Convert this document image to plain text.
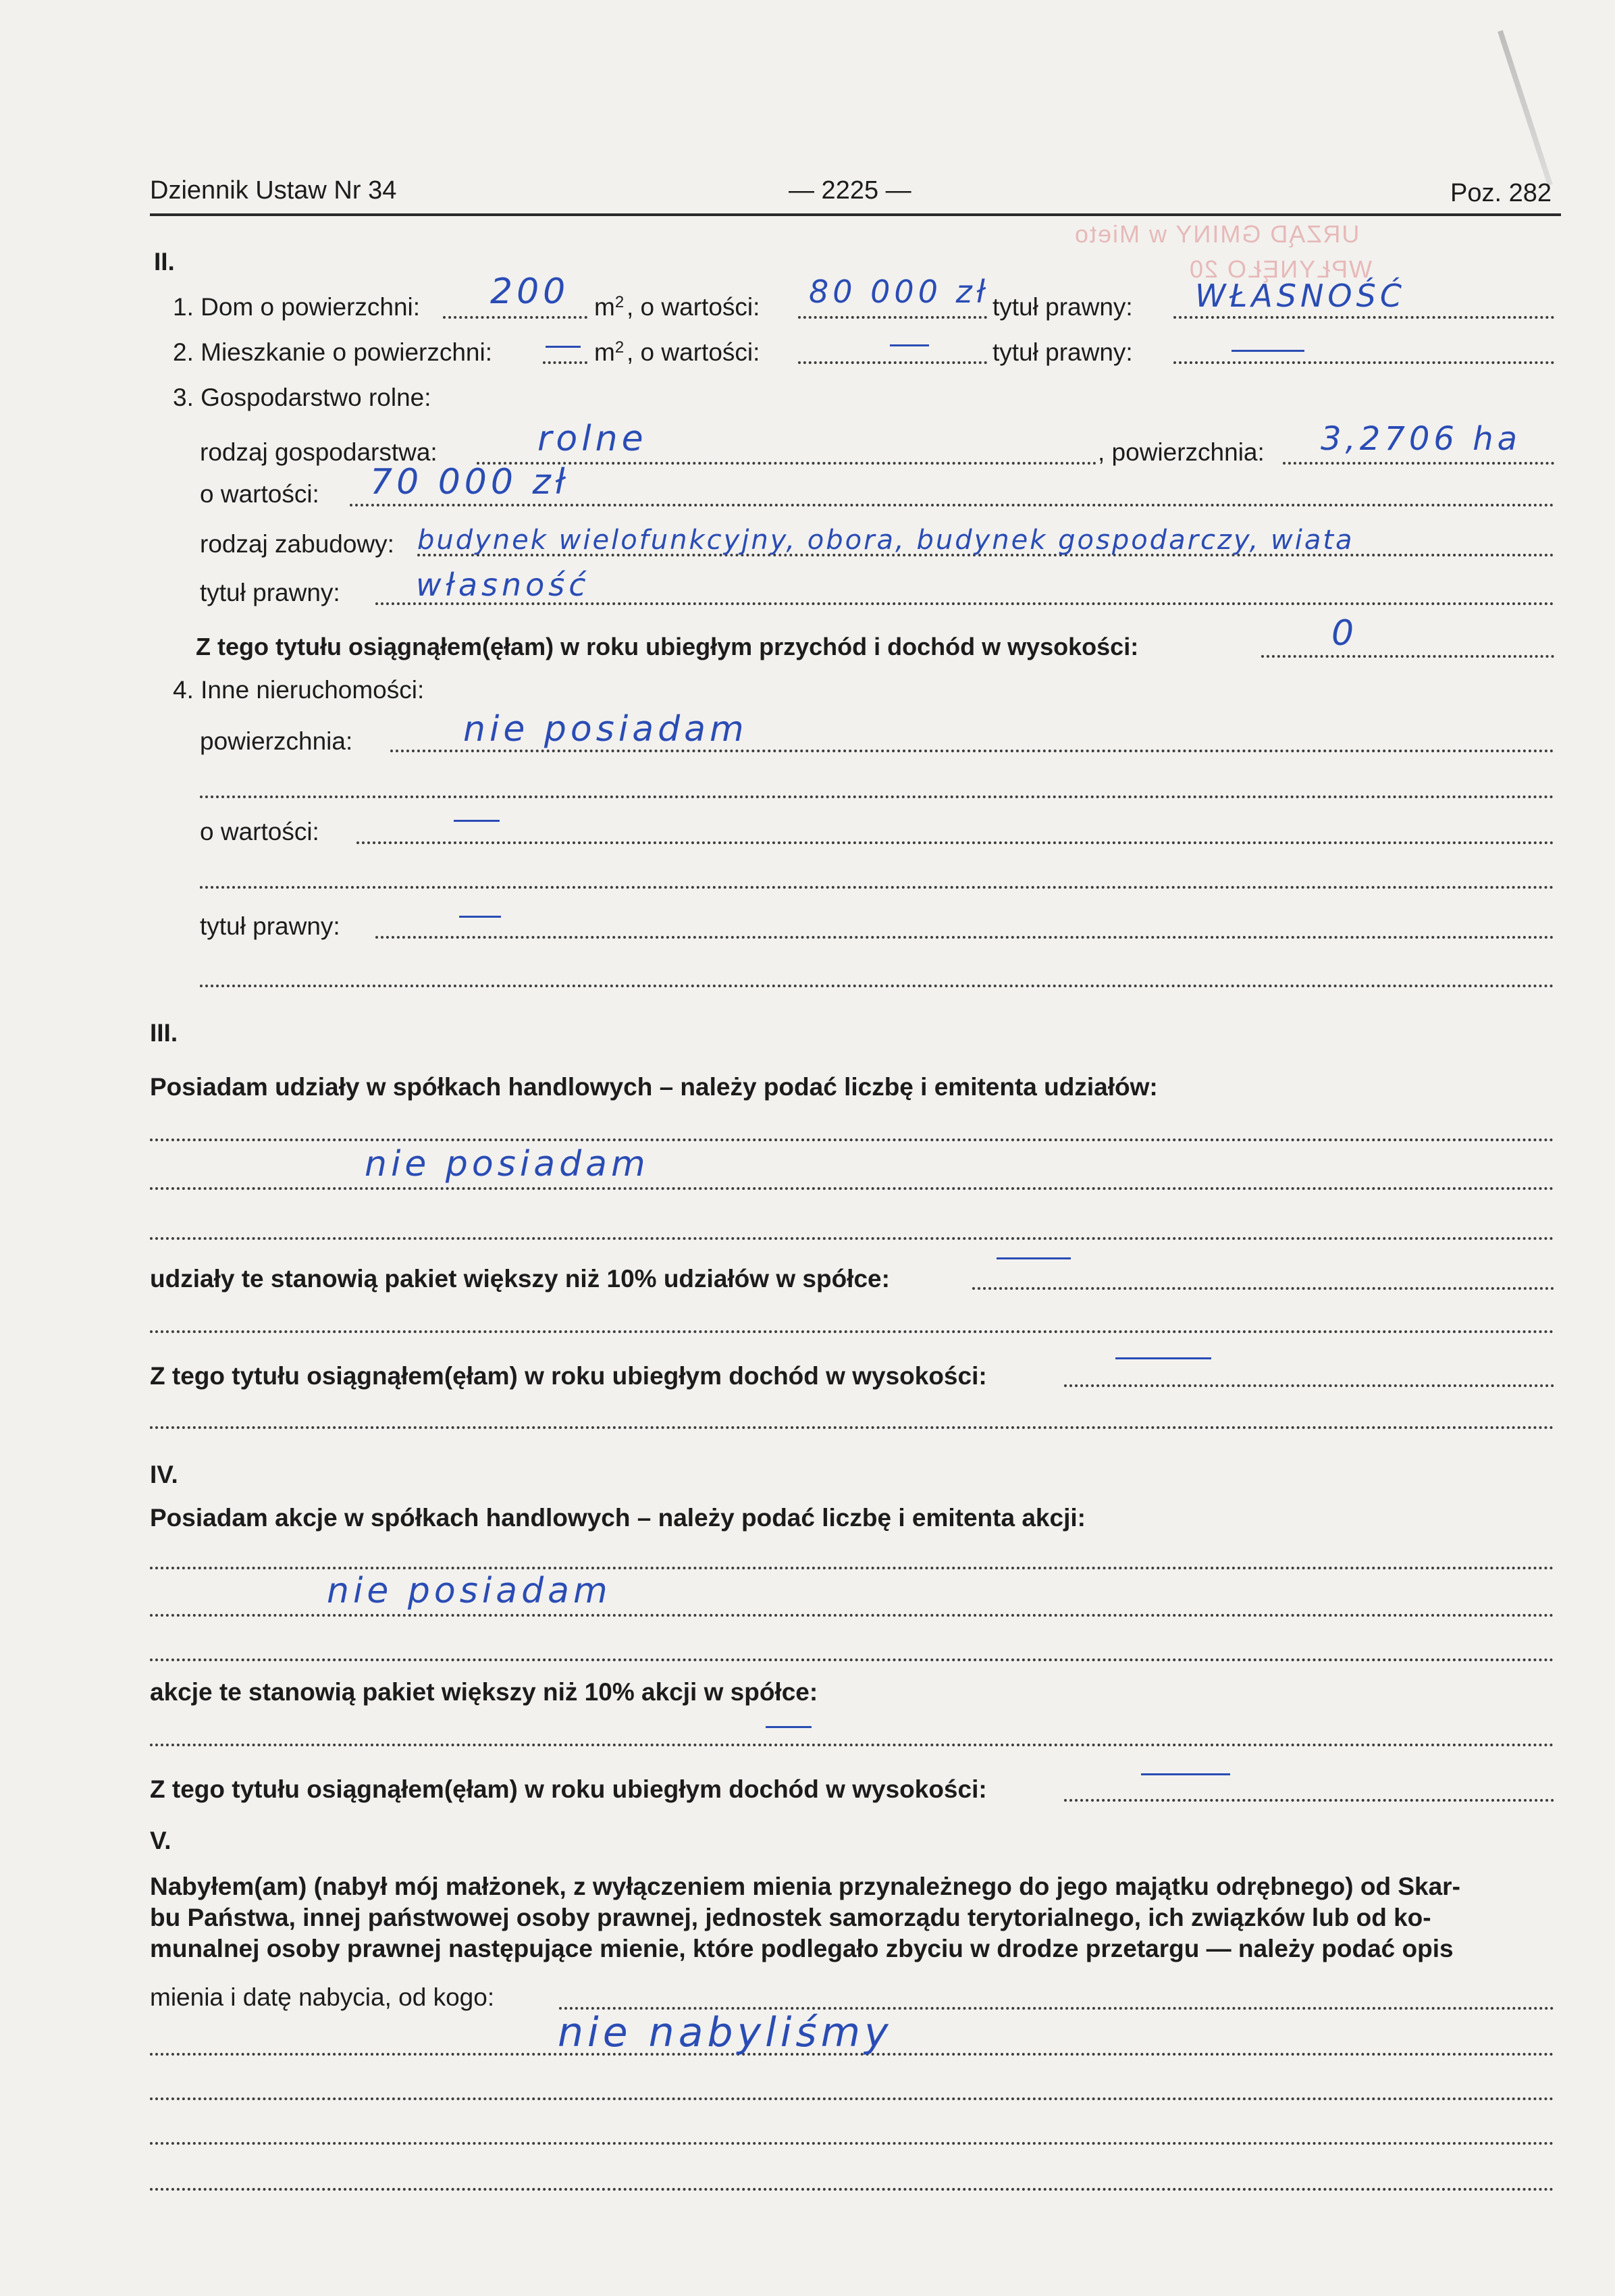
URZĄD GMINY w Mieto
WPŁYNĘŁO 20
Dziennik Ustaw Nr 34	— 2225 —	Poz. 282
II.
1. Dom o powierzchni:	$m^2$ , o wartości:	tytuł prawny:
200	80 000 zł	WŁASNOŚĆ
2. Mieszkanie o powierzchni:	$m^2$ , o wartości:	tytuł prawny:
3. Gospodarstwo rolne:
rodzaj gospodarstwa:	, powierzchnia:
rolne	3,2706 ha
o wartości: 70 000 zł
rodzaj zabudowy: budynek wielofunkcyjny, obora, budynek gospodarczy, wiata
tytuł prawny: własność
Z tego tytułu osiągnąłem(ęłam) w roku ubiegłym przychód i dochód w wysokości:	0
4. Inne nieruchomości:
powierzchnia:	nie posiadam
o wartości:
tytuł prawny:
III.
Posiadam udziały w spółkach handlowych – należy podać liczbę i emitenta udziałów:
nie posiadam
udziały te stanowią pakiet większy niż 10% udziałów w spółce:
Z tego tytułu osiągnąłem(ęłam) w roku ubiegłym dochód w wysokości:
IV.
Posiadam akcje w spółkach handlowych – należy podać liczbę i emitenta akcji:
nie posiadam
akcje te stanowią pakiet większy niż 10% akcji w spółce:
Z tego tytułu osiągnąłem(ęłam) w roku ubiegłym dochód w wysokości:
V.
Nabyłem(am) (nabył mój małżonek, z wyłączeniem mienia przynależnego do jego majątku odrębnego) od Skar-
bu Państwa, innej państwowej osoby prawnej, jednostek samorządu terytorialnego, ich związków lub od ko-
munalnej osoby prawnej następujące mienie, które podlegało zbyciu w drodze przetargu — należy podać opis
mienia i datę nabycia, od kogo:
nie nabyliśmy
